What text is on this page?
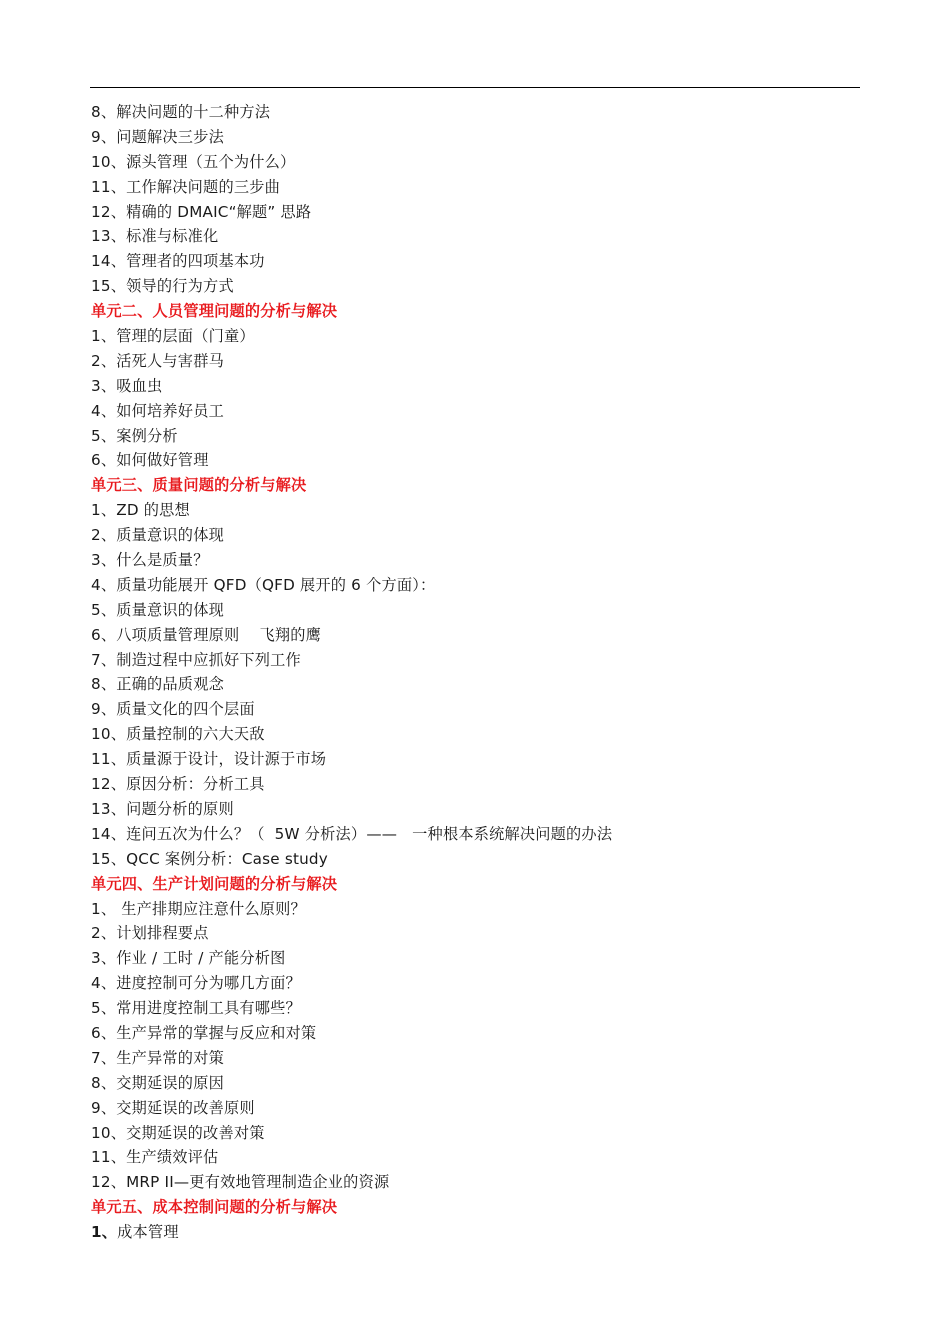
8、解决问题的十二种方法
9、问题解决三步法
10、源头管理（五个为什么）
11、工作解决问题的三步曲
12、精确的 DMAIC“解题” 思路
13、标准与标准化
14、管理者的四项基本功
15、领导的行为方式
单元二、人员管理问题的分析与解决
1、管理的层面（门童）
2、活死人与害群马
3、吸血虫
4、如何培养好员工
5、案例分析
6、如何做好管理
单元三、质量问题的分析与解决
1、ZD 的思想
2、质量意识的体现
3、什么是质量？
4、质量功能展开 QFD（QFD 展开的 6 个方面）：
5、质量意识的体现
6、八项质量管理原则    飞翔的鹰
7、制造过程中应抓好下列工作
8、正确的品质观念
9、质量文化的四个层面
10、质量控制的六大天敌
11、质量源于设计，设计源于市场
12、原因分析：分析工具
13、问题分析的原则
14、连问五次为什么？（  5W 分析法）——   一种根本系统解决问题的办法
15、QCC 案例分析：Case study
单元四、生产计划问题的分析与解决
1、 生产排期应注意什么原则？
2、计划排程要点
3、作业 / 工时 / 产能分析图
4、进度控制可分为哪几方面？
5、常用进度控制工具有哪些？
6、生产异常的掌握与反应和对策
7、生产异常的对策
8、交期延误的原因
9、交期延误的改善原则
10、交期延误的改善对策
11、生产绩效评估
12、MRP II—更有效地管理制造企业的资源
单元五、成本控制问题的分析与解决
1、成本管理
